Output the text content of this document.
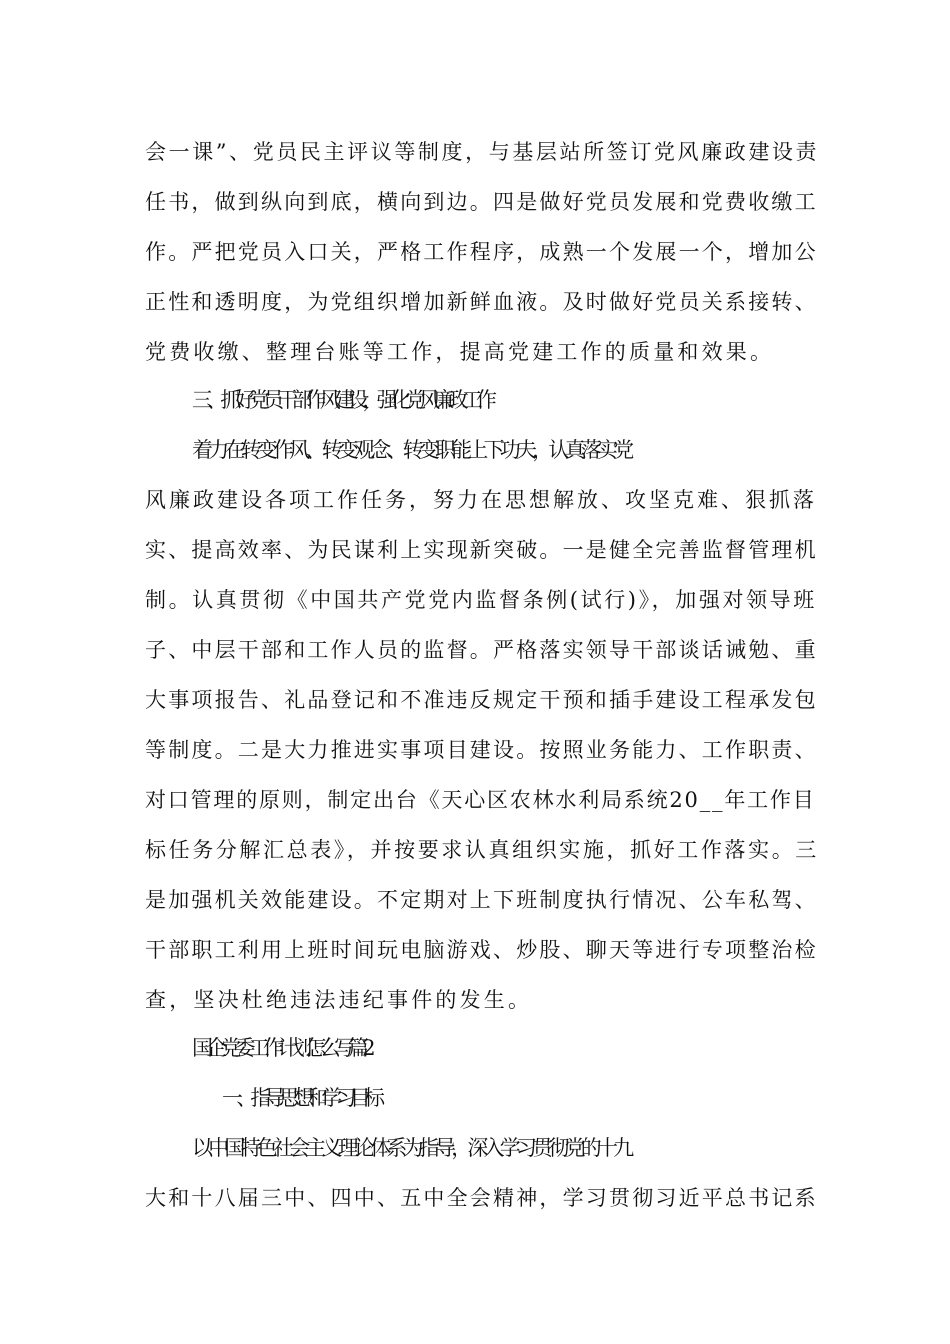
会一课”、党员民主评议等制度，与基层站所签订党风廉政建设责
任书，做到纵向到底，横向到边。四是做好党员发展和党费收缴工
作。严把党员入口关，严格工作程序，成熟一个发展一个，增加公
正性和透明度，为党组织增加新鲜血液。及时做好党员关系接转、
党费收缴、整理台账等工作，提高党建工作的质量和效果。
三、抓好党员干部作风建设，强化党风廉政工作
着力在转变作风、转变观念、转变职能上下功夫，认真落实党
风廉政建设各项工作任务，努力在思想解放、攻坚克难、狠抓落
实、提高效率、为民谋利上实现新突破。一是健全完善监督管理机
制。认真贯彻《中国共产党党内监督条例(试行)》，加强对领导班
子、中层干部和工作人员的监督。严格落实领导干部谈话诫勉、重
大事项报告、礼品登记和不准违反规定干预和插手建设工程承发包
等制度。二是大力推进实事项目建设。按照业务能力、工作职责、
对口管理的原则，制定出台《天心区农林水利局系统20__年工作目
标任务分解汇总表》，并按要求认真组织实施，抓好工作落实。三
是加强机关效能建设。不定期对上下班制度执行情况、公车私驾、
干部职工利用上班时间玩电脑游戏、炒股、聊天等进行专项整治检
查，坚决杜绝违法违纪事件的发生。
国企党委工作计划怎么写 篇2
一、指导思想和学习目标
以中国特色社会主义理论体系为指导，深入学习贯彻党的十九
大和十八届三中、四中、五中全会精神，学习贯彻习近平总书记系
